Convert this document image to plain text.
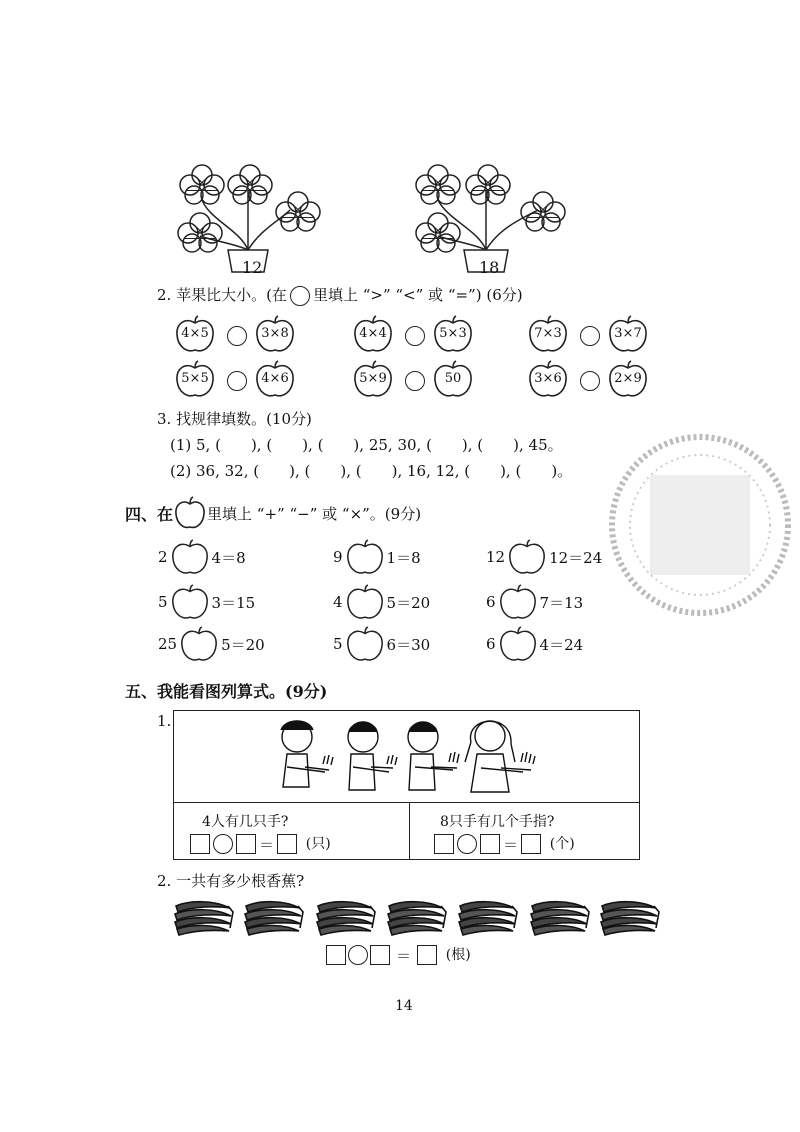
12	18
×	×
×
×
×	×
×
×
2. 苹果比大小。(在 里填上 “>” “<” 或 “=”) (6分)
4×5	3×8	4×4	5×3	7×3	3×7
5×5	4×6	5×9	50	3×6	2×9
3. 找规律填数。(10分)
(1) 5, (　　), (　　), (　　), 25, 30, (　　), (　　), 45。
(2) 36, 32, (　　), (　　), (　　), 16, 12, (　　), (　　)。
四、在 里填上 “+” “−” 或 “×”。(9分)
2	4＝8	9	1＝8	12	12＝24
5	3＝15	4	5＝20	6	7＝13
25	5＝20	5	6＝30	6	4＝24
五、我能看图列算式。(9分)
1.
4人有几只手?
＝ (只)
8只手有几个手指?
＝ (个)
2. 一共有多少根香蕉?
＝ (根)
14
